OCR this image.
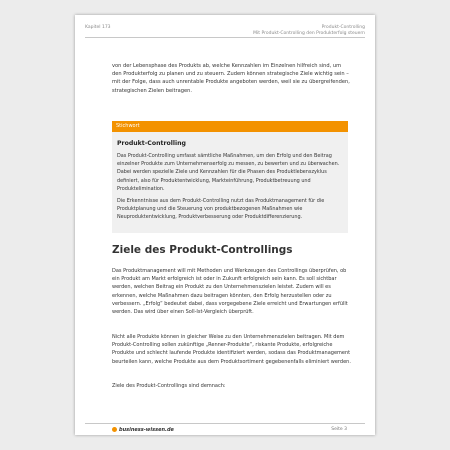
Kapitel 173	Produkt-Controlling
Mit Produkt-Controlling den Produkterfolg steuern
von der Lebensphase des Produkts ab, welche Kennzahlen im Einzelnen hilfreich sind, um den Produkterfolg zu planen und zu steuern. Zudem können strategische Ziele wichtig sein – mit der Folge, dass auch unrentable Produkte angeboten werden, weil sie zu übergreifenden, strategischen Zielen beitragen.
Stichwort
Produkt-Controlling
Das Produkt-Controlling umfasst sämtliche Maßnahmen, um den Erfolg und den Beitrag einzelner Produkte zum Unternehmenserfolg zu messen, zu bewerten und zu überwachen. Dabei werden spezielle Ziele und Kennzahlen für die Phasen des Produktlebenszyklus definiert, also für Produktentwicklung, Markteinführung, Produktbetreuung und Produktelimination.
Die Erkenntnisse aus dem Produkt-Controlling nutzt das Produktmanagement für die Produktplanung und die Steuerung von produktbezogenen Maßnahmen wie Neuproduktentwicklung, Produktverbesserung oder Produktdifferenzierung.
Ziele des Produkt-Controllings
Das Produktmanagement will mit Methoden und Werkzeugen des Controllings überprüfen, ob ein Produkt am Markt erfolgreich ist oder in Zukunft erfolgreich sein kann. Es soll sichtbar werden, welchen Beitrag ein Produkt zu den Unternehmenszielen leistet. Zudem will es erkennen, welche Maßnahmen dazu beitragen könnten, den Erfolg herzustellen oder zu verbessern. „Erfolg“ bedeutet dabei, dass vorgegebene Ziele erreicht und Erwartungen erfüllt werden. Das wird über einen Soll-Ist-Vergleich überprüft.
Nicht alle Produkte können in gleicher Weise zu den Unternehmenszielen beitragen. Mit dem Produkt-Controlling sollen zukünftige „Renner-Produkte“, riskante Produkte, erfolgreiche Produkte und schlecht laufende Produkte identifiziert werden, sodass das Produktmanagement beurteilen kann, welche Produkte aus dem Produktsortiment gegebenenfalls eliminiert werden.
Ziele des Produkt-Controllings sind demnach:
business-wissen.de	Seite 3
